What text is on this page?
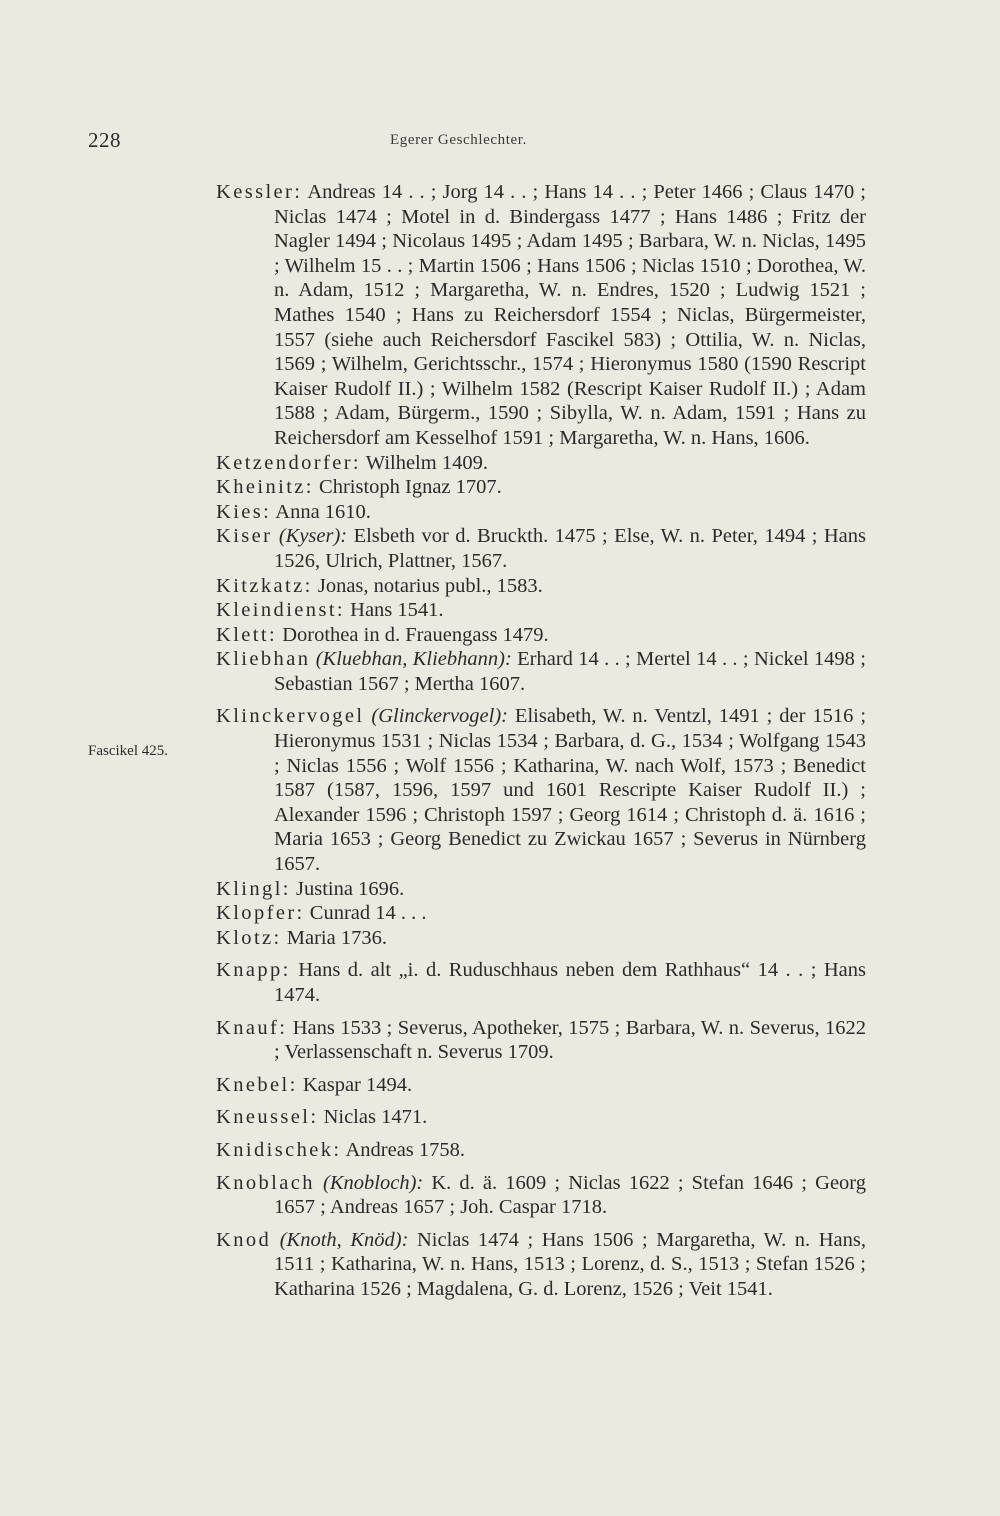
228	Egerer Geschlechter.
Fascikel 425.

Kessler: Andreas 14 . . ; Jorg 14 . . ; Hans 14 . . ; Peter 1466 ; Claus 1470 ; Niclas 1474 ; Motel in d. Bindergass 1477 ; Hans 1486 ; Fritz der Nagler 1494 ; Nicolaus 1495 ; Adam 1495 ; Barbara, W. n. Niclas, 1495 ; Wilhelm 15 . . ; Martin 1506 ; Hans 1506 ; Niclas 1510 ; Dorothea, W. n. Adam, 1512 ; Margaretha, W. n. Endres, 1520 ; Ludwig 1521 ; Mathes 1540 ; Hans zu Reichersdorf 1554 ; Niclas, Bürgermeister, 1557 (siehe auch Reichersdorf Fascikel 583) ; Ottilia, W. n. Niclas, 1569 ; Wilhelm, Gerichtsschr., 1574 ; Hieronymus 1580 (1590 Rescript Kaiser Rudolf II.) ; Wilhelm 1582 (Rescript Kaiser Rudolf II.) ; Adam 1588 ; Adam, Bürgerm., 1590 ; Sibylla, W. n. Adam, 1591 ; Hans zu Reichersdorf am Kesselhof 1591 ; Margaretha, W. n. Hans, 1606.

Ketzendorfer: Wilhelm 1409.

Kheinitz: Christoph Ignaz 1707.

Kies: Anna 1610.

Kiser (Kyser): Elsbeth vor d. Bruckth. 1475 ; Else, W. n. Peter, 1494 ; Hans 1526, Ulrich, Plattner, 1567.

Kitzkatz: Jonas, notarius publ., 1583.

Kleindienst: Hans 1541.

Klett: Dorothea in d. Frauengass 1479.

Kliebhan (Kluebhan, Kliebhann): Erhard 14 . . ; Mertel 14 . . ; Nickel 1498 ; Sebastian 1567 ; Mertha 1607.

Klinckervogel (Glinckervogel): Elisabeth, W. n. Ventzl, 1491 ; der 1516 ; Hieronymus 1531 ; Niclas 1534 ; Barbara, d. G., 1534 ; Wolfgang 1543 ; Niclas 1556 ; Wolf 1556 ; Katharina, W. nach Wolf, 1573 ; Benedict 1587 (1587, 1596, 1597 und 1601 Rescripte Kaiser Rudolf II.) ; Alexander 1596 ; Christoph 1597 ; Georg 1614 ; Christoph d. ä. 1616 ; Maria 1653 ; Georg Benedict zu Zwickau 1657 ; Severus in Nürnberg 1657.

Klingl: Justina 1696.

Klopfer: Cunrad 14 . . .

Klotz: Maria 1736.

Knapp: Hans d. alt „i. d. Ruduschhaus neben dem Rathhaus“ 14 . . ; Hans 1474.

Knauf: Hans 1533 ; Severus, Apotheker, 1575 ; Barbara, W. n. Severus, 1622 ; Verlassenschaft n. Severus 1709.

Knebel: Kaspar 1494.

Kneussel: Niclas 1471.

Knidischek: Andreas 1758.

Knoblach (Knobloch): K. d. ä. 1609 ; Niclas 1622 ; Stefan 1646 ; Georg 1657 ; Andreas 1657 ; Joh. Caspar 1718.

Knod (Knoth, Knöd): Niclas 1474 ; Hans 1506 ; Margaretha, W. n. Hans, 1511 ; Katharina, W. n. Hans, 1513 ; Lorenz, d. S., 1513 ; Stefan 1526 ; Katharina 1526 ; Magdalena, G. d. Lorenz, 1526 ; Veit 1541.
